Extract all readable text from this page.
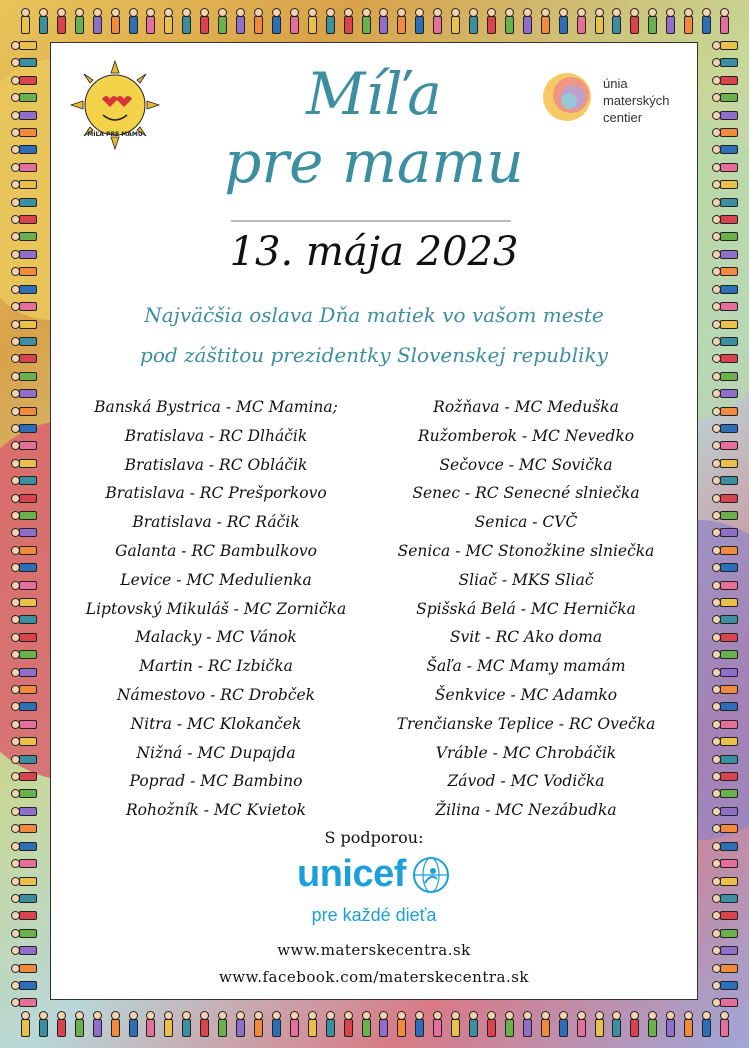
MÍĽA PRE MAMU
únia
materských
centier
Míľa
pre mamu
13. mája 2023
Najväčšia oslava Dňa matiek vo vašom meste
pod záštitou prezidentky Slovenskej republiky
Banská Bystrica - MC Mamina;
Bratislava - RC Dlháčik
Bratislava - RC Obláčik
Bratislava - RC Prešporkovo
Bratislava - RC Ráčik
Galanta - RC Bambulkovo
Levice - MC Medulienka
Liptovský Mikuláš - MC Zornička
Malacky - MC Vánok
Martin - RC Izbička
Námestovo - RC Drobček
Nitra - MC Klokanček
Nižná - MC Dupajda
Poprad - MC Bambino
Rohožník - MC Kvietok
Rožňava - MC Meduška
Ružomberok - MC Nevedko
Sečovce - MC Sovička
Senec - RC Senecné slniečka
Senica - CVČ
Senica - MC Stonožkine slniečka
Sliač - MKS Sliač
Spišská Belá - MC Hernička
Svit - RC Ako doma
Šaľa - MC Mamy mamám
Šenkvice - MC Adamko
Trenčianske Teplice - RC Ovečka
Vráble - MC Chrobáčik
Závod - MC Vodička
Žilina - MC Nezábudka
S podporou:
unicef
pre každé dieťa
www.materskecentra.sk
www.facebook.com/materskecentra.sk
